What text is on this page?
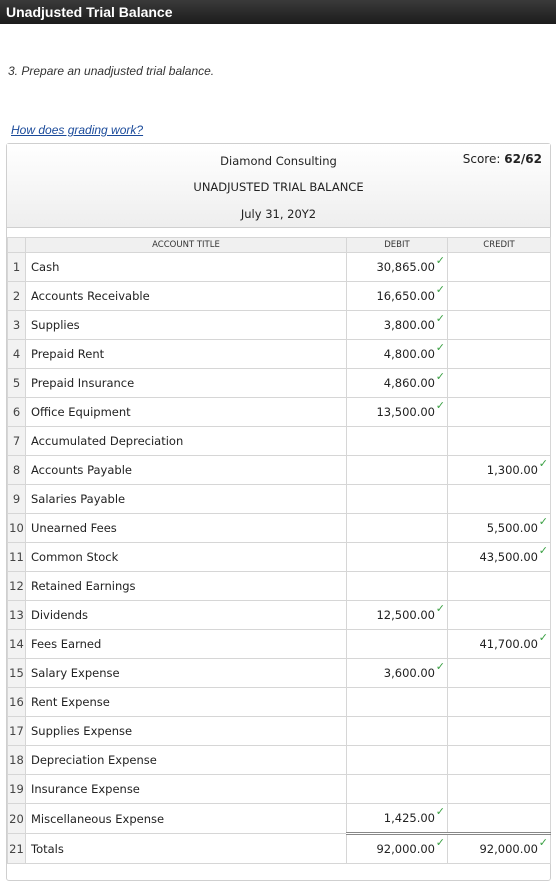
Unadjusted Trial Balance
3. Prepare an unadjusted trial balance.
How does grading work?
Diamond Consulting
UNADJUSTED TRIAL BALANCE
July 31, 20Y2
Score: 62/62
	ACCOUNT TITLE	DEBIT	CREDIT
1	Cash	30,865.00 ✓	

2	Accounts Receivable	16,650.00 ✓	

3	Supplies	3,800.00 ✓	

4	Prepaid Rent	4,800.00 ✓	

5	Prepaid Insurance	4,860.00 ✓	

6	Office Equipment	13,500.00 ✓	

7	Accumulated Depreciation		
8	Accounts Payable		1,300.00 ✓

9	Salaries Payable		
10	Unearned Fees		5,500.00 ✓

11	Common Stock		43,500.00 ✓

12	Retained Earnings		
13	Dividends	12,500.00 ✓	

14	Fees Earned		41,700.00 ✓

15	Salary Expense	3,600.00 ✓	

16	Rent Expense		
17	Supplies Expense		
18	Depreciation Expense		
19	Insurance Expense		
20	Miscellaneous Expense	1,425.00 ✓	

21	Totals	92,000.00 ✓	92,000.00 ✓
